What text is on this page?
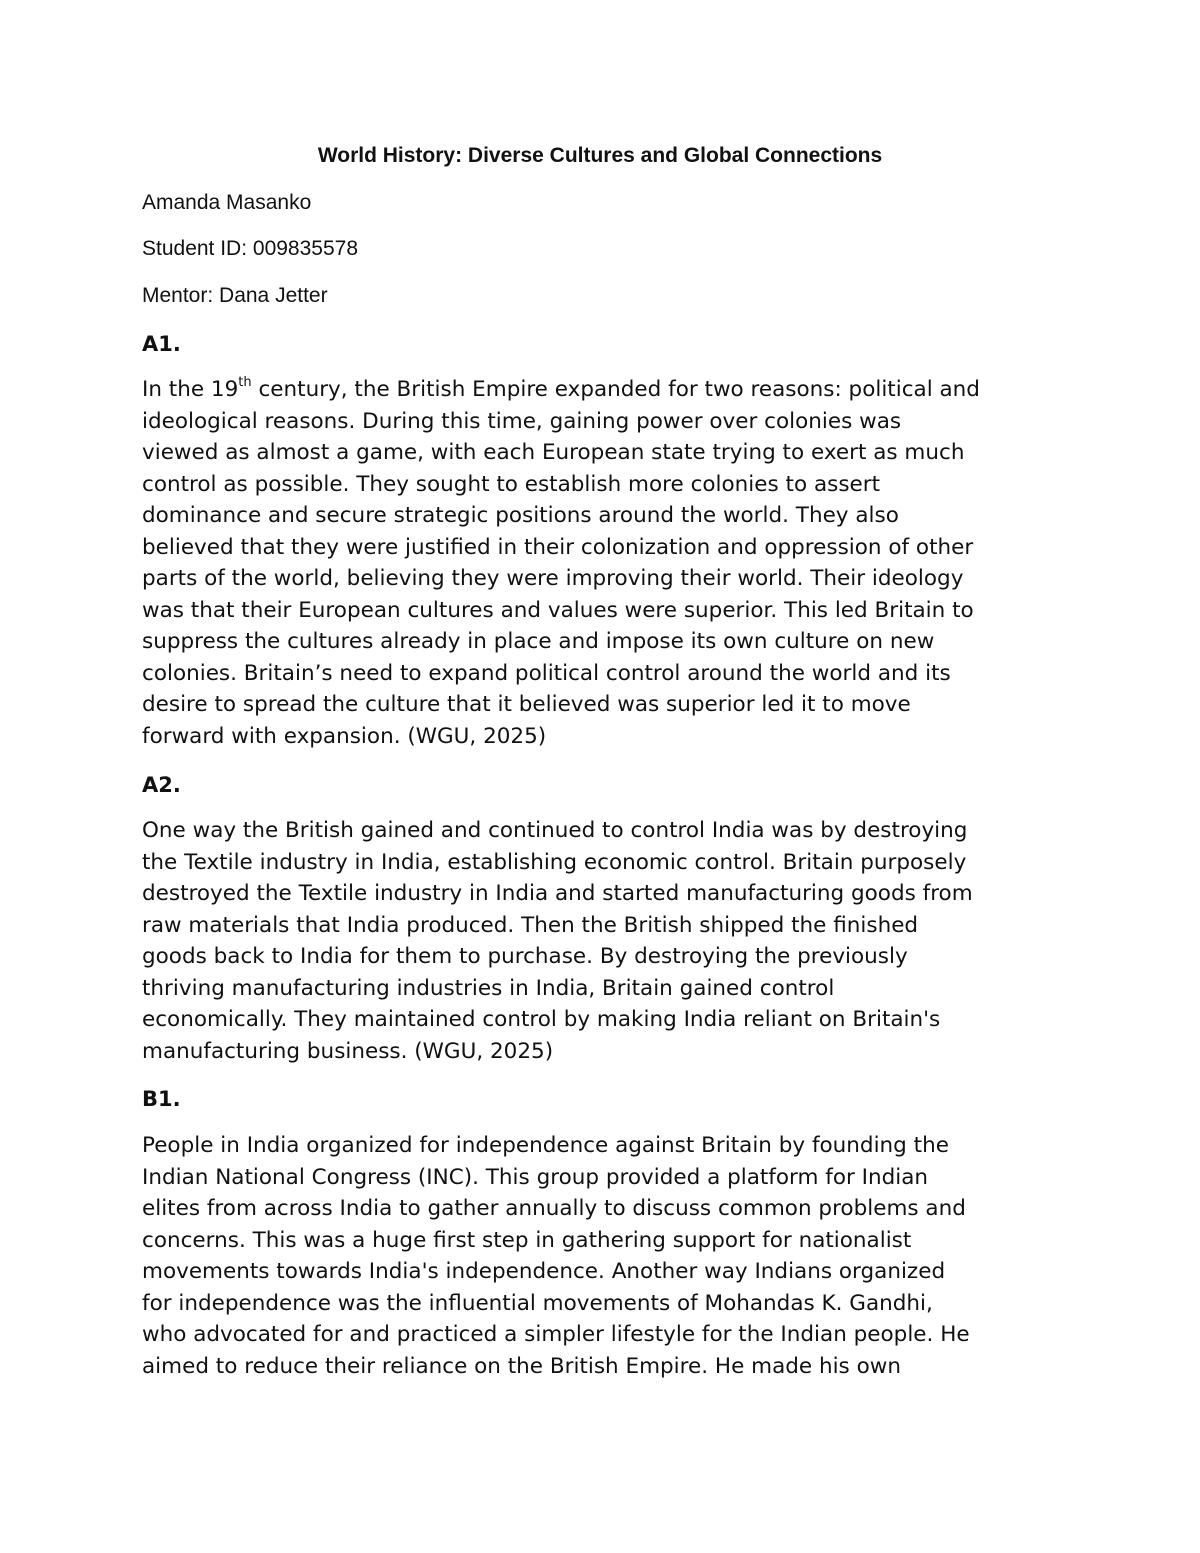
World History: Diverse Cultures and Global Connections

Amanda Masanko

Student ID: 009835578

Mentor: Dana Jetter

A1.

In the 19th century, the British Empire expanded for two reasons: political and
ideological reasons. During this time, gaining power over colonies was
viewed as almost a game, with each European state trying to exert as much
control as possible. They sought to establish more colonies to assert
dominance and secure strategic positions around the world. They also
believed that they were justified in their colonization and oppression of other
parts of the world, believing they were improving their world. Their ideology
was that their European cultures and values were superior. This led Britain to
suppress the cultures already in place and impose its own culture on new
colonies. Britain’s need to expand political control around the world and its
desire to spread the culture that it believed was superior led it to move
forward with expansion. (WGU, 2025)

A2.

One way the British gained and continued to control India was by destroying
the Textile industry in India, establishing economic control. Britain purposely
destroyed the Textile industry in India and started manufacturing goods from
raw materials that India produced. Then the British shipped the finished
goods back to India for them to purchase. By destroying the previously
thriving manufacturing industries in India, Britain gained control
economically. They maintained control by making India reliant on Britain's
manufacturing business. (WGU, 2025)

B1.

People in India organized for independence against Britain by founding the
Indian National Congress (INC). This group provided a platform for Indian
elites from across India to gather annually to discuss common problems and
concerns. This was a huge first step in gathering support for nationalist
movements towards India's independence. Another way Indians organized
for independence was the influential movements of Mohandas K. Gandhi,
who advocated for and practiced a simpler lifestyle for the Indian people. He
aimed to reduce their reliance on the British Empire. He made his own
